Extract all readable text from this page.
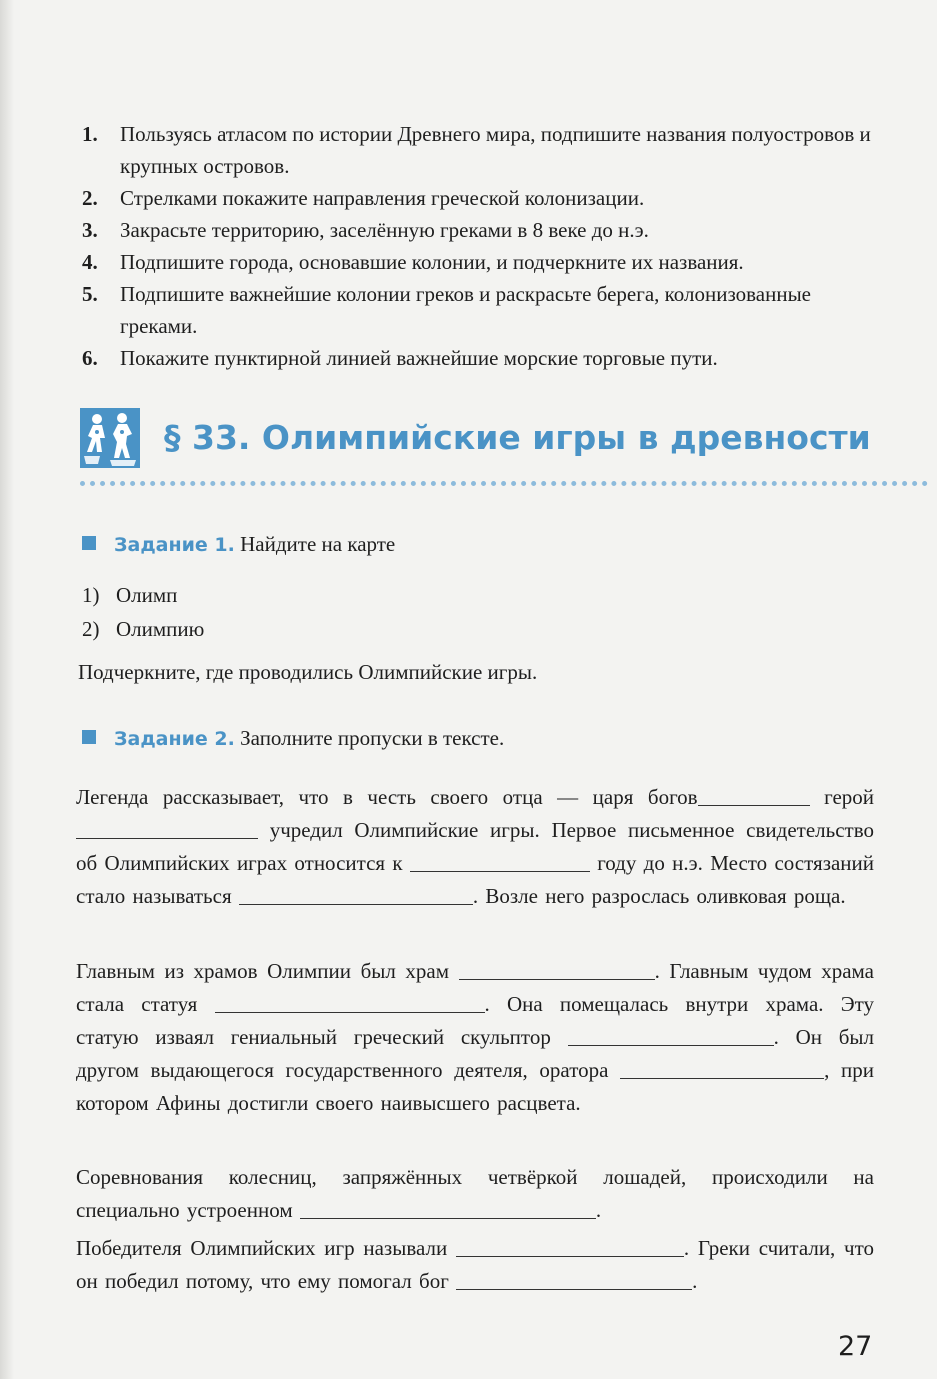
1. Пользуясь атласом по истории Древнего мира, подпишите названия полуостровов и крупных островов.
2. Стрелками покажите направления греческой колонизации.
3. Закрасьте территорию, заселённую греками в 8 веке до н.э.
4. Подпишите города, основавшие колонии, и подчеркните их названия.
5. Подпишите важнейшие колонии греков и раскрасьте берега, колонизованные греками.
6. Покажите пунктирной линией важнейшие морские торговые пути.
§ 33. Олимпийские игры в древности
Задание 1. Найдите на карте
1) Олимп
2) Олимпию
Подчеркните, где проводились Олимпийские игры.
Задание 2. Заполните пропуски в тексте.
Легенда рассказывает, что в честь своего отца — царя богов	герой  учредил Олимпийские игры. Первое письменное свидетельство об Олимпийских играх относится к	году до н.э. Место состязаний стало называться	. Возле него разрослась оливковая роща.
Главным из храмов Олимпии был храм	. Главным чудом храма стала статуя	. Она помещалась внутри храма. Эту статую изваял гениальный греческий скульптор	. Он был другом выдающегося государственного деятеля, оратора	, при котором Афины достигли своего наивысшего расцвета.
Соревнования колесниц, запряжённых четвёркой лошадей, происходили на специально устроенном	.
Победителя Олимпийских игр называли	. Греки считали, что он победил потому, что ему помогал бог	.
27
